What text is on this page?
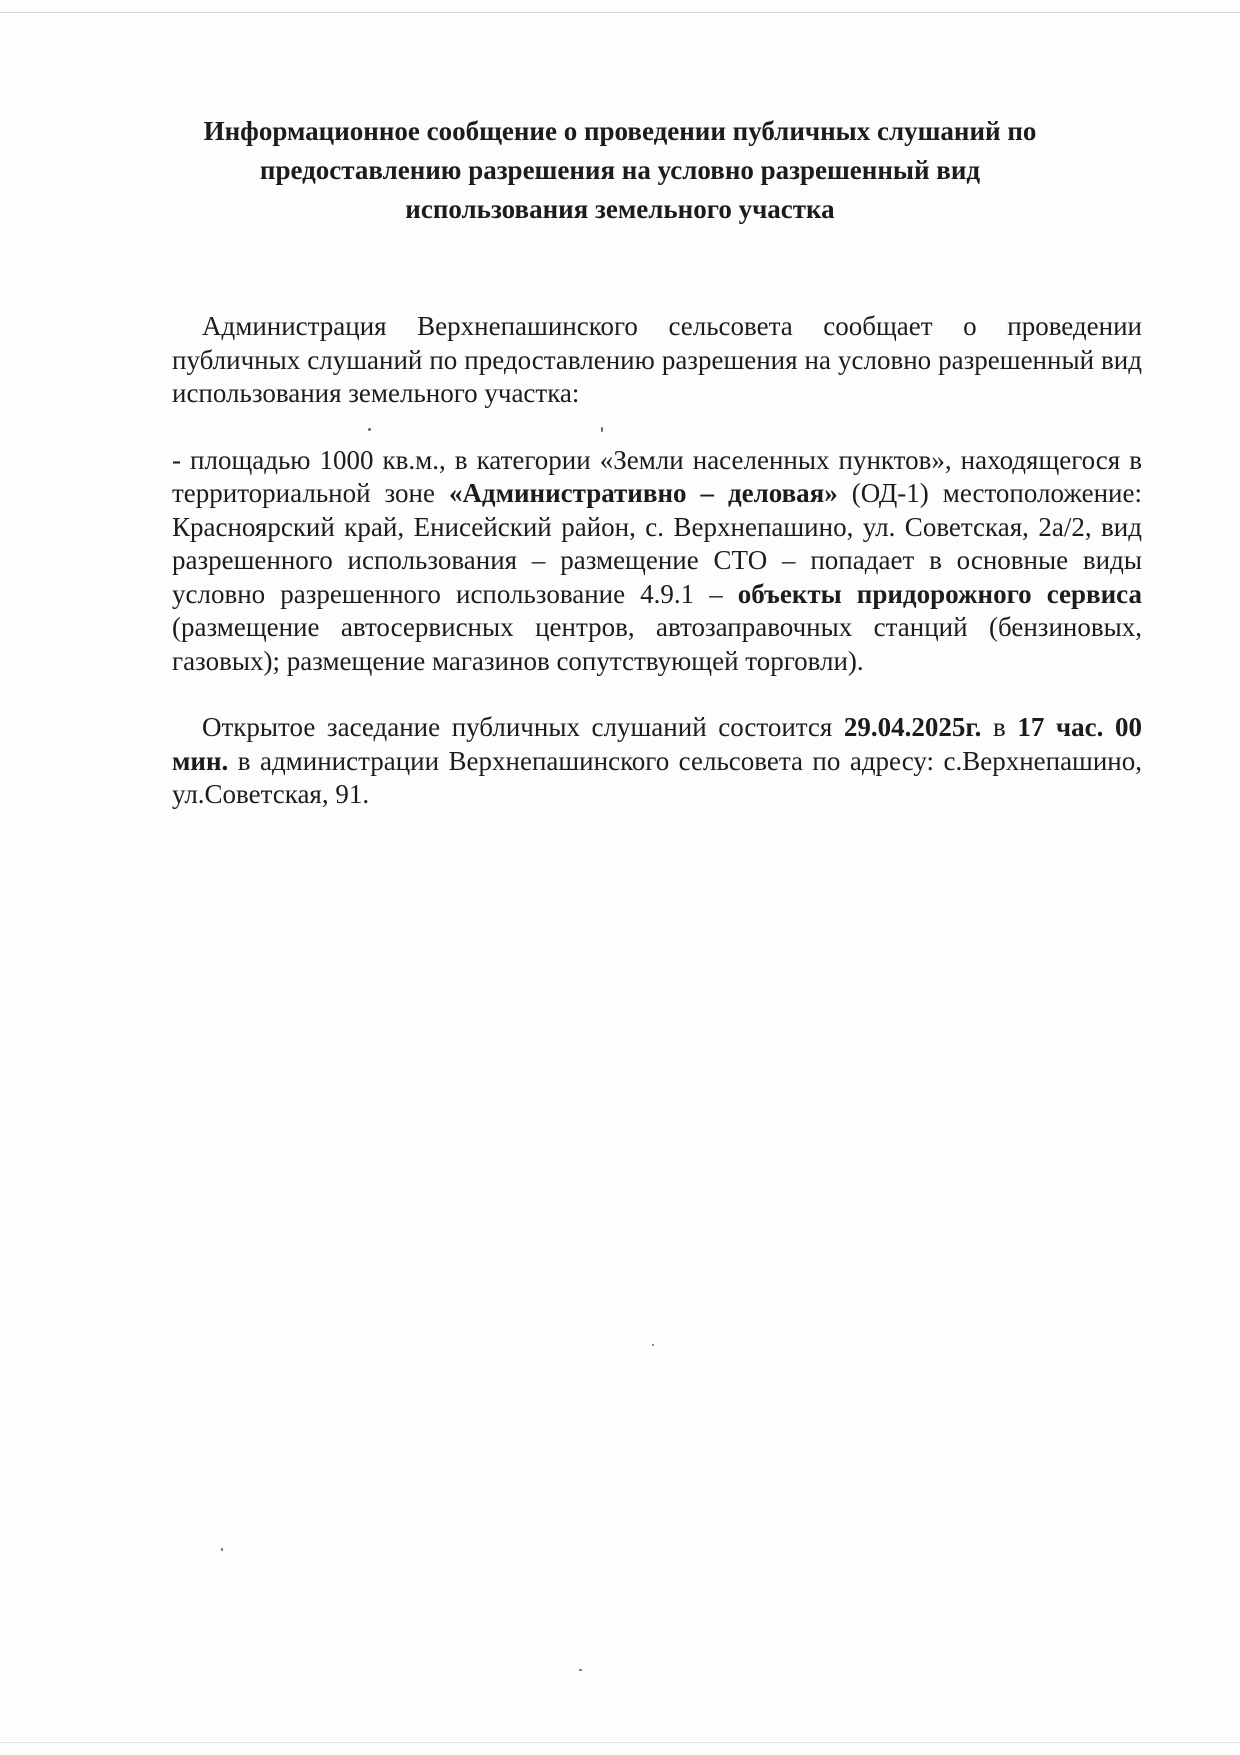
Информационное сообщение о проведении публичных слушаний по
предоставлению разрешения на условно разрешенный вид
использования земельного участка

Администрация Верхнепашинского сельсовета сообщает о проведении публичных слушаний по предоставлению разрешения на условно разрешенный вид использования земельного участка:

- площадью 1000 кв.м., в категории «Земли населенных пунктов», находящегося в территориальной зоне «Административно – деловая» (ОД-1) местоположение: Красноярский край, Енисейский район, с. Верхнепашино, ул. Советская, 2а/2, вид разрешенного использования – размещение СТО – попадает в основные виды условно разрешенного использование 4.9.1 – объекты придорожного сервиса (размещение автосервисных центров, автозаправочных станций (бензиновых, газовых); размещение магазинов сопутствующей торговли).

Открытое заседание публичных слушаний состоится 29.04.2025г. в 17 час. 00 мин. в администрации Верхнепашинского сельсовета по адресу: с.Верхнепашино, ул.Советская, 91.
